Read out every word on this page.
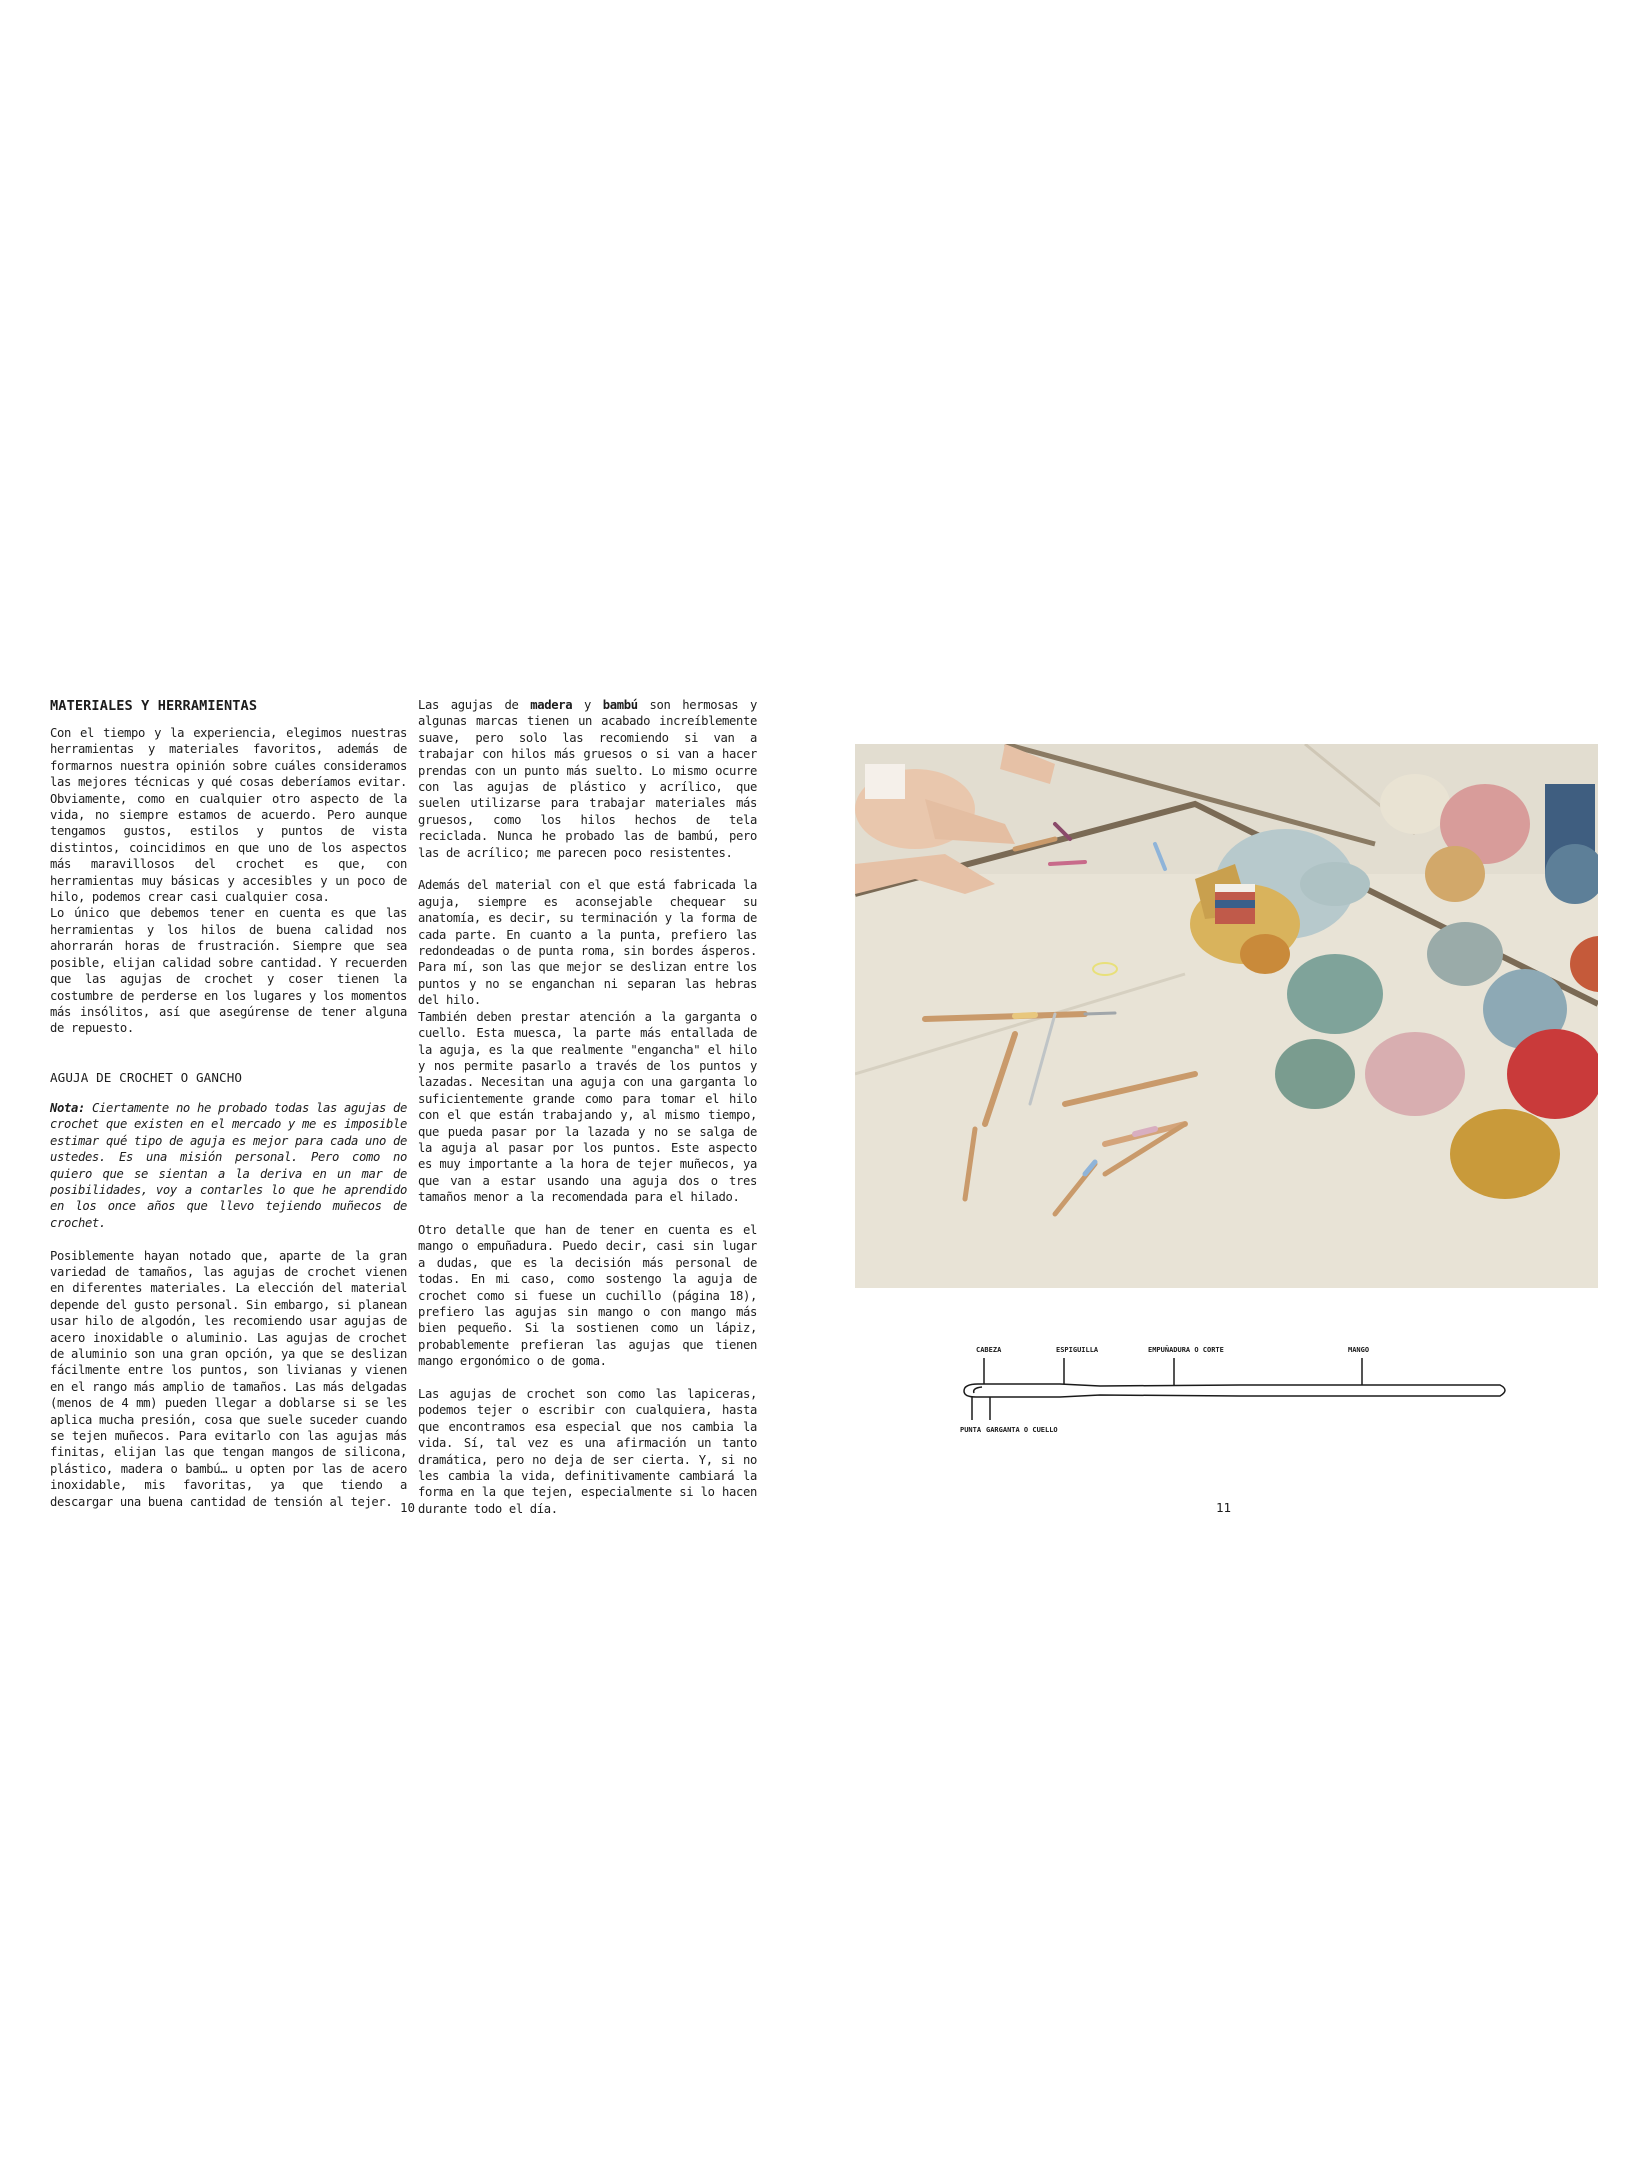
MATERIALES Y HERRAMIENTAS

Con el tiempo y la experiencia, elegimos nuestras herramientas y materiales favoritos, además de formarnos nuestra opinión sobre cuáles consideramos las mejores técnicas y qué cosas deberíamos evitar. Obviamente, como en cualquier otro aspecto de la vida, no siempre estamos de acuerdo. Pero aunque tengamos gustos, estilos y puntos de vista distintos, coincidimos en que uno de los aspectos más maravillosos del crochet es que, con herramientas muy básicas y accesibles y un poco de hilo, podemos crear casi cualquier cosa.

Lo único que debemos tener en cuenta es que las herramientas y los hilos de buena calidad nos ahorrarán horas de frustración. Siempre que sea posible, elijan calidad sobre cantidad. Y recuerden que las agujas de crochet y coser tienen la costumbre de perderse en los lugares y los momentos más insólitos, así que asegúrense de tener alguna de repuesto.

AGUJA DE CROCHET O GANCHO

Nota: Ciertamente no he probado todas las agujas de crochet que existen en el mercado y me es imposible estimar qué tipo de aguja es mejor para cada uno de ustedes. Es una misión personal. Pero como no quiero que se sientan a la deriva en un mar de posibilidades, voy a contarles lo que he aprendido en los once años que llevo tejiendo muñecos de crochet.

Posiblemente hayan notado que, aparte de la gran variedad de tamaños, las agujas de crochet vienen en diferentes materiales. La elección del material depende del gusto personal. Sin embargo, si planean usar hilo de algodón, les recomiendo usar agujas de acero inoxidable o aluminio. Las agujas de crochet de aluminio son una gran opción, ya que se deslizan fácilmente entre los puntos, son livianas y vienen en el rango más amplio de tamaños. Las más delgadas (menos de 4 mm) pueden llegar a doblarse si se les aplica mucha presión, cosa que suele suceder cuando se tejen muñecos. Para evitarlo con las agujas más finitas, elijan las que tengan mangos de silicona, plástico, madera o bambú… u opten por las de acero inoxidable, mis favoritas, ya que tiendo a descargar una buena cantidad de tensión al tejer.

Las agujas de madera y bambú son hermosas y algunas marcas tienen un acabado increíblemente suave, pero solo las recomiendo si van a trabajar con hilos más gruesos o si van a hacer prendas con un punto más suelto. Lo mismo ocurre con las agujas de plástico y acrílico, que suelen utilizarse para trabajar materiales más gruesos, como los hilos hechos de tela reciclada. Nunca he probado las de bambú, pero las de acrílico; me parecen poco resistentes.

Además del material con el que está fabricada la aguja, siempre es aconsejable chequear su anatomía, es decir, su terminación y la forma de cada parte. En cuanto a la punta, prefiero las redondeadas o de punta roma, sin bordes ásperos. Para mí, son las que mejor se deslizan entre los puntos y no se enganchan ni separan las hebras del hilo.

También deben prestar atención a la garganta o cuello. Esta muesca, la parte más entallada de la aguja, es la que realmente "engancha" el hilo y nos permite pasarlo a través de los puntos y lazadas. Necesitan una aguja con una garganta lo suficientemente grande como para tomar el hilo con el que están trabajando y, al mismo tiempo, que pueda pasar por la lazada y no se salga de la aguja al pasar por los puntos. Este aspecto es muy importante a la hora de tejer muñecos, ya que van a estar usando una aguja dos o tres tamaños menor a la recomendada para el hilado.

Otro detalle que han de tener en cuenta es el mango o empuñadura. Puedo decir, casi sin lugar a dudas, que es la decisión más personal de todas. En mi caso, como sostengo la aguja de crochet como si fuese un cuchillo (página 18), prefiero las agujas sin mango o con mango más bien pequeño. Si la sostienen como un lápiz, probablemente prefieran las agujas que tienen mango ergonómico o de goma.

Las agujas de crochet son como las lapiceras, podemos tejer o escribir con cualquiera, hasta que encontramos esa especial que nos cambia la vida. Sí, tal vez es una afirmación un tanto dramática, pero no deja de ser cierta. Y, si no les cambia la vida, definitivamente cambiará la forma en la que tejen, especialmente si lo hacen durante todo el día.

10
CABEZA	ESPIGUILLA	EMPUÑADURA O CORTE	MANGO
PUNTA GARGANTA O CUELLO
11
